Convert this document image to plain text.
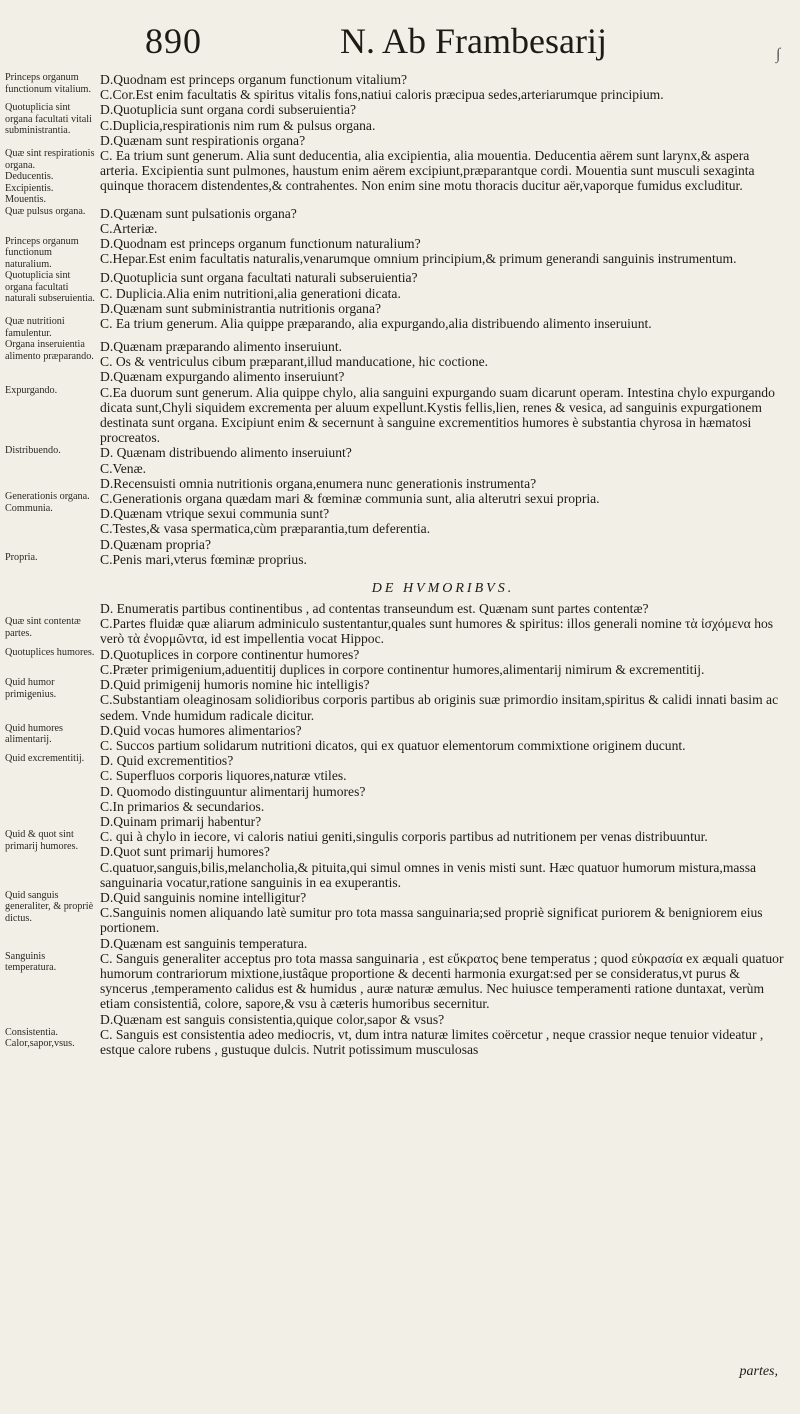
890	N. Ab Frambesarij	∫
Princeps organum functionum vitalium.
D.Quodnam est princeps organum functionum vitalium?
C.Cor.Est enim facultatis & spiritus vitalis fons,natiui caloris præcipua sedes,arteriarumque principium.
Quotuplicia sint organa facultati vitali subministrantia.
D.Quotuplicia sunt organa cordi subseruientia?
C.Duplicia,respirationis nim rum & pulsus organa.
D.Quænam sunt respirationis organa?
Quæ sint respirationis organa.
Deducentis.
Excipientis.
Mouentis.
C. Ea trium sunt generum. Alia sunt deducentia, alia excipientia, alia mouentia. Deducentia aërem sunt larynx,& aspera arteria. Excipientia sunt pulmones, haustum enim aërem excipiunt,præparantque cordi. Mouentia sunt musculi sexaginta quinque thoracem distendentes,& contrahentes. Non enim sine motu thoracis ducitur aër,vaporque fumidus excluditur.
Quæ pulsus organa.	D.Quænam sunt pulsationis organa?
C.Arteriæ.
Princeps organum functionum naturalium.
D.Quodnam est princeps organum functionum naturalium?
C.Hepar.Est enim facultatis naturalis,venarumque omnium principium,& primum generandi sanguinis instrumentum.
Quotuplicia sint organa facultati naturali subseruientia.
D.Quotuplicia sunt organa facultati naturali subseruientia?
C. Duplicia.Alia enim nutritioni,alia generationi dicata.
D.Quænam sunt subministrantia nutritionis organa?
Quæ nutritioni famulentur.
C. Ea trium generum. Alia quippe præparando, alia expurgando,alia distribuendo alimento inseruiunt.
Organa inseruientia alimento præparando.
D.Quænam præparando alimento inseruiunt.
C. Os & ventriculus cibum præparant,illud manducatione, hic coctione.
D.Quænam expurgando alimento inseruiunt?
Expurgando.	C.Ea duorum sunt generum. Alia quippe chylo, alia sanguini expurgando suam dicarunt operam. Intestina chylo expurgando dicata sunt,Chyli siquidem excrementa per aluum expellunt.Kystis fellis,lien, renes & vesica, ad sanguinis expurgationem destinata sunt organa. Excipiunt enim & secernunt à sanguine excrementitios humores è substantia chyrosa in hæmatosi procreatos.
Distribuendo.	D. Quænam distribuendo alimento inseruiunt?
C.Venæ.
D.Recensuisti omnia nutritionis organa,enumera nunc generationis instrumenta?
Generationis organa.
Communia.
C.Generationis organa quædam mari & fœminæ communia sunt, alia alterutri sexui propria.
D.Quænam vtrique sexui communia sunt?
C.Testes,& vasa spermatica,cùm præparantia,tum deferentia.
D.Quænam propria?
Propria.	C.Penis mari,vterus fœminæ proprius.
DE HVMORIBVS.
D. Enumeratis partibus continentibus , ad contentas transeundum est. Quænam sunt partes contentæ?
Quæ sint contentæ partes.
C.Partes fluidæ quæ aliarum adminiculo sustentantur,quales sunt humores & spiritus: illos generali nomine τὰ ἰσχόμενα hos verò τὰ ἐνορμῶντα, id est impellentia vocat Hippoc.
Quotuplices humores. D.Quotuplices in corpore continentur humores?
C.Præter primigenium,aduentitij duplices in corpore continentur humores,alimentarij nimirum & excrementitij.
Quid humor primigenius.
D.Quid primigenij humoris nomine hic intelligis?
C.Substantiam oleaginosam solidioribus corporis partibus ab originis suæ primordio insitam,spiritus & calidi innati basim ac sedem. Vnde humidum radicale dicitur.
Quid humores alimentarij.
D.Quid vocas humores alimentarios?
C. Succos partium solidarum nutritioni dicatos, qui ex quatuor elementorum commixtione originem ducunt.
Quid excrementitij.	D. Quid excrementitios?
C. Superfluos corporis liquores,naturæ vtiles.
D. Quomodo distinguuntur alimentarij humores?
C.In primarios & secundarios.
D.Quinam primarij habentur?
Quid & quot sint primarij humores.
C. qui à chylo in iecore, vi caloris natiui geniti,singulis corporis partibus ad nutritionem per venas distribuuntur.
D.Quot sunt primarij humores?
C.quatuor,sanguis,bilis,melancholia,& pituita,qui simul omnes in venis misti sunt. Hæc quatuor humorum mistura,massa sanguinaria vocatur,ratione sanguinis in ea exuperantis.
Quid sanguis generaliter, & propriè dictus.
D.Quid sanguinis nomine intelligitur?
C.Sanguinis nomen aliquando latè sumitur pro tota massa sanguinaria;sed propriè significat puriorem & benigniorem eius portionem.
D.Quænam est sanguinis temperatura.
Sanguinis temperatura.
C. Sanguis generaliter acceptus pro tota massa sanguinaria , est εὔκρατος bene temperatus ; quod εὐκρασία ex æquali quatuor humorum contrariorum mixtione,iustâque proportione & decenti harmonia exurgat:sed per se consideratus,vt purus & syncerus ,temperamento calidus est & humidus , auræ naturæ æmulus. Nec huiusce temperamenti ratione duntaxat, verùm etiam consistentiâ, colore, sapore,& vsu à cæteris humoribus secernitur.
D.Quænam est sanguis consistentia,quique color,sapor & vsus?
Consistentia.
Calor,sapor,vsus.
C. Sanguis est consistentia adeo mediocris, vt, dum intra naturæ limites coërcetur , neque crassior neque tenuior videatur , estque calore rubens , gustuque dulcis. Nutrit potissimum musculosas
partes,
